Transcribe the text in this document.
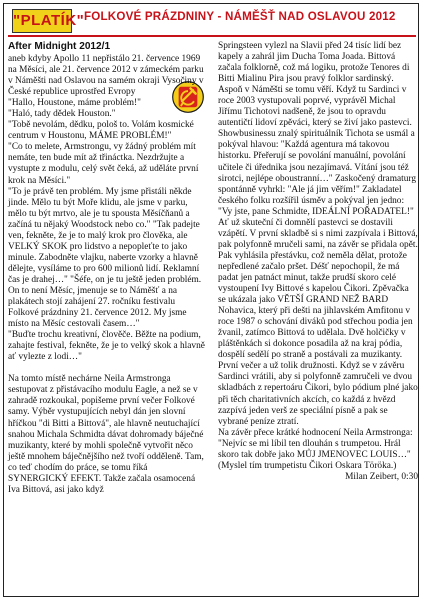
"PLATÍK" FOLKOVÉ PRÁZDNINY - NÁMĚŠŤ NAD OSLAVOU 2012
After Midnight 2012/1

aneb kdyby Apollo 11 nepřistálo 21. července 1969 na Měsíci, ale 21. července 2012 v zámeckém parku v Náměšti nad Oslavou na samém okraji Vysočiny v České republice uprostřed Evropy

"Hallo, Houstone, máme problém!"

"Haló, tady dědek Houston."

"Tobě nevolám, dědku, pološ to. Volám kosmické centrum v Houstonu, MÁME PROBLÉM!"

"Co to melete, Armstrongu, vy žádný problém mít nemáte, ten bude mít až třináctka. Nezdržujte a vystupte z modulu, celý svět čeká, až uděláte první krok na Měsíci."

"To je právě ten problém. My jsme přistáli někde jinde. Mělo tu být Moře klidu, ale jsme v parku, mělo tu být mrtvo, ale je tu spousta Měsíčňanů a začíná tu nějaký Woodstock nebo co." "Tak padejte ven, fekněte, že je to malý krok pro člověka, ale VELKÝ SKOK pro lidstvo a nepopleťte to jako minule. Zabodněte vlajku, naberte vzorky a hlavně dělejte, vysíláme to pro 600 milionů lidí. Reklamní čas je drahej…" "Šéfe, on je tu ještě jeden problém. On to není Měsíc, jmenuje se to Náměšť a na plakátech stojí zahájení 27. ročníku festivalu Folkové prázdniny 21. července 2012. My jsme místo na Měsíc cestovali časem…"

"Buďte trochu kreativní, člověče. Běžte na podium, zahajte festival, fekněte, že je to velký skok a hlavně ať vylezte z lodi…"

Na tomto místě nechárne Neila Armstronga sestupovat z přistávacího modulu Eagle, a než se v zahradě rozkoukal, popišeme první večer Folkové samy. Výběr vystupujících nebyl dán jen slovní hříčkou "di Bitti a Bittová", ale hlavně neutuchající snahou Michala Schmidta dávat dohromady báječné muzikanty, které by mohli společně vytvořit něco ještě mnohem báječnějšího než tvoří odděleně. Tam, co teď chodím do práce, se tomu říká SYNERGICKÝ EFEKT. Takže začala osamocená Iva Bittová, asi jako když

Springsteen vylezl na Slavii před 24 tisíc lidí bez kapely a zahrál jim Ducha Toma Joada. Bittová začala folklorně, což má logiku, protože Tenores di Bitti Mialinu Pira jsou pravý folklor sardinský. Aspoň v Náměšti se tomu věří. Když tu Sardinci v roce 2003 vystupovali poprvé, vyprávěl Michal Jiřímu Tichotovi nadšeně, že jsou to opravdu autentičtí lidoví zpěváci, který se živí jako pastevci. Showbusinessu znalý spirituálník Tichota se usmál a pokýval hlavou: "Každá agentura má takovou historku. Přeřerují se povolání manuální, povolání učitele či úřednika jsou nezajímavá. Vítání jsou též sirotci, nejlépe oboustranní…" Zaskočený dramaturg spontánně vyhrkl: "Ale já jim věřím!" Zakladatel českého folku rozšířil úsměv a pokýval jen jedno: "Vy jste, pane Schmidte, IDEÁLNÍ POŘADATEL!" Ať už skuteční či domnělí pastevci se dostavili vzápětí. V první skladbě si s nimi zazpívala i Bittová, pak polyfonně mručeli sami, na závěr se přidala opět. Pak vyhlásila přestávku, což neměla dělat, protože nepředlené začalo pršet. Déšť nepochopil, že má padat jen patnáct minut, takže prudší skoro celé vystoupení Ivy Bittové s kapelou Čikori. Zpěvačka se ukázala jako VĚTŠÍ GRAND NEŽ BARD Nohavica, který při dešti na jihlavském Amfitonu v roce 1987 o schování diváků pod střechou podia jen žvanil, zatímco Bittová to udělala. Dvě holčičky v pláštěnkách si dokonce posadila až na kraj pódia, dospělí sedělí po straně a postávali za muzikanty. První večer a už tolik družnosti. Když se v závěru Sardinci vrátili, aby si polyfonně zamručeli ve dvou skladbách z repertoáru Čikori, bylo pódium plné jako při těch charitativních akcích, co každá z hvězd zazpívá jeden verš ze speciální písně a pak se vybrané peníze ztratí.

Na závěr přece krátké hodnocení Neila Armstronga: "Nejvíc se mi líbil ten dlouhán s trumpetou. Hrál skoro tak dobře jako MŮJ JMENOVEC LOUIS…" (Myslel tím trumpetistu Čikori Oskara Töröka.)

Milan Zeibert, 0:30
